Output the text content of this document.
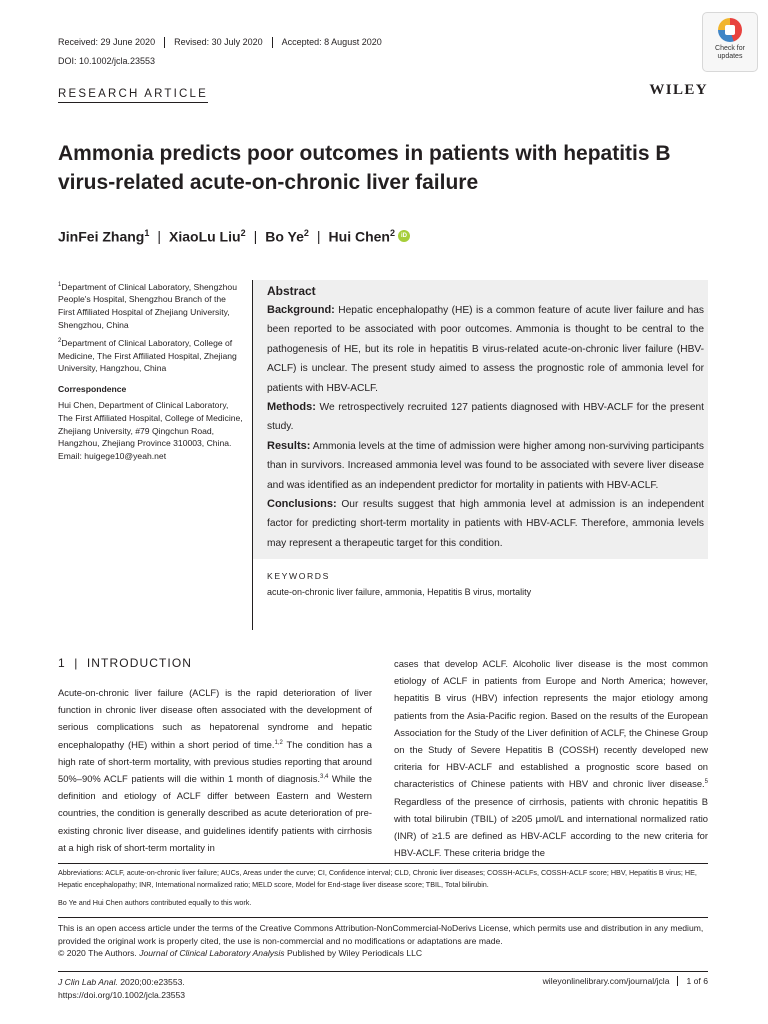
Received: 29 June 2020	Revised: 30 July 2020	Accepted: 8 August 2020
DOI: 10.1002/jcla.23553
Check for
updates
RESEARCH ARTICLE	WILEY
Ammonia predicts poor outcomes in patients with hepatitis B virus-related acute-on-chronic liver failure
JinFei Zhang$^1$ | XiaoLu Liu$^2$ | Bo Ye$^2$ | Hui Chen$^2$	iD

$^1$Department of Clinical Laboratory, Shengzhou People's Hospital, Shengzhou Branch of the First Affiliated Hospital of Zhejiang University, Shengzhou, China

$^2$Department of Clinical Laboratory, College of Medicine, The First Affiliated Hospital, Zhejiang University, Hangzhou, China

Correspondence

Hui Chen, Department of Clinical Laboratory, The First Affiliated Hospital, College of Medicine, Zhejiang University, #79 Qingchun Road, Hangzhou, Zhejiang Province 310003, China.
Email: huigege10@yeah.net
Abstract

Background: Hepatic encephalopathy (HE) is a common feature of acute liver failure and has been reported to be associated with poor outcomes. Ammonia is thought to be central to the pathogenesis of HE, but its role in hepatitis B virus-related acute-on-chronic liver failure (HBV-ACLF) is unclear. The present study aimed to assess the prognostic role of ammonia level for patients with HBV-ACLF.

Methods: We retrospectively recruited 127 patients diagnosed with HBV-ACLF for the present study.

Results: Ammonia levels at the time of admission were higher among non-surviving participants than in survivors. Increased ammonia level was found to be associated with severe liver disease and was identified as an independent predictor for mortality in patients with HBV-ACLF.

Conclusions: Our results suggest that high ammonia level at admission is an independent factor for predicting short-term mortality in patients with HBV-ACLF. Therefore, ammonia levels may represent a therapeutic target for this condition.

KEYWORDS
acute-on-chronic liver failure, ammonia, Hepatitis B virus, mortality
1 | INTRODUCTION
Acute-on-chronic liver failure (ACLF) is the rapid deterioration of liver function in chronic liver disease often associated with the development of serious complications such as hepatorenal syndrome and hepatic encephalopathy (HE) within a short period of time.$^{1,2}$ The condition has a high rate of short-term mortality, with previous studies reporting that around 50%–90% ACLF patients will die within 1 month of diagnosis.$^{3,4}$ While the definition and etiology of ACLF differ between Eastern and Western countries, the condition is generally described as acute deterioration of pre-existing chronic liver disease, and guidelines identify patients with cirrhosis at a high risk of short-term mortality in
cases that develop ACLF. Alcoholic liver disease is the most common etiology of ACLF in patients from Europe and North America; however, hepatitis B virus (HBV) infection represents the major etiology among patients from the Asia-Pacific region. Based on the results of the European Association for the Study of the Liver definition of ACLF, the Chinese Group on the Study of Severe Hepatitis B (COSSH) recently developed new criteria for HBV-ACLF and established a prognostic score based on characteristics of Chinese patients with HBV and chronic liver disease.$^5$ Regardless of the presence of cirrhosis, patients with chronic hepatitis B with total bilirubin (TBIL) of ≥205 μmol/L and international normalized ratio (INR) of ≥1.5 are defined as HBV-ACLF according to the new criteria for HBV-ACLF. These criteria bridge the
Abbreviations: ACLF, acute-on-chronic liver failure; AUCs, Areas under the curve; CI, Confidence interval; CLD, Chronic liver diseases; COSSH-ACLFs, COSSH-ACLF score; HBV, Hepatitis B virus; HE, Hepatic encephalopathy; INR, International normalized ratio; MELD score, Model for End-stage liver disease score; TBIL, Total bilirubin.
Bo Ye and Hui Chen authors contributed equally to this work.
This is an open access article under the terms of the Creative Commons Attribution-NonCommercial-NoDerivs License, which permits use and distribution in any medium, provided the original work is properly cited, the use is non-commercial and no modifications or adaptations are made.
© 2020 The Authors. Journal of Clinical Laboratory Analysis Published by Wiley Periodicals LLC
J Clin Lab Anal. 2020;00:e23553.
https://doi.org/10.1002/jcla.23553
wileyonlinelibrary.com/journal/jcla	1 of 6
